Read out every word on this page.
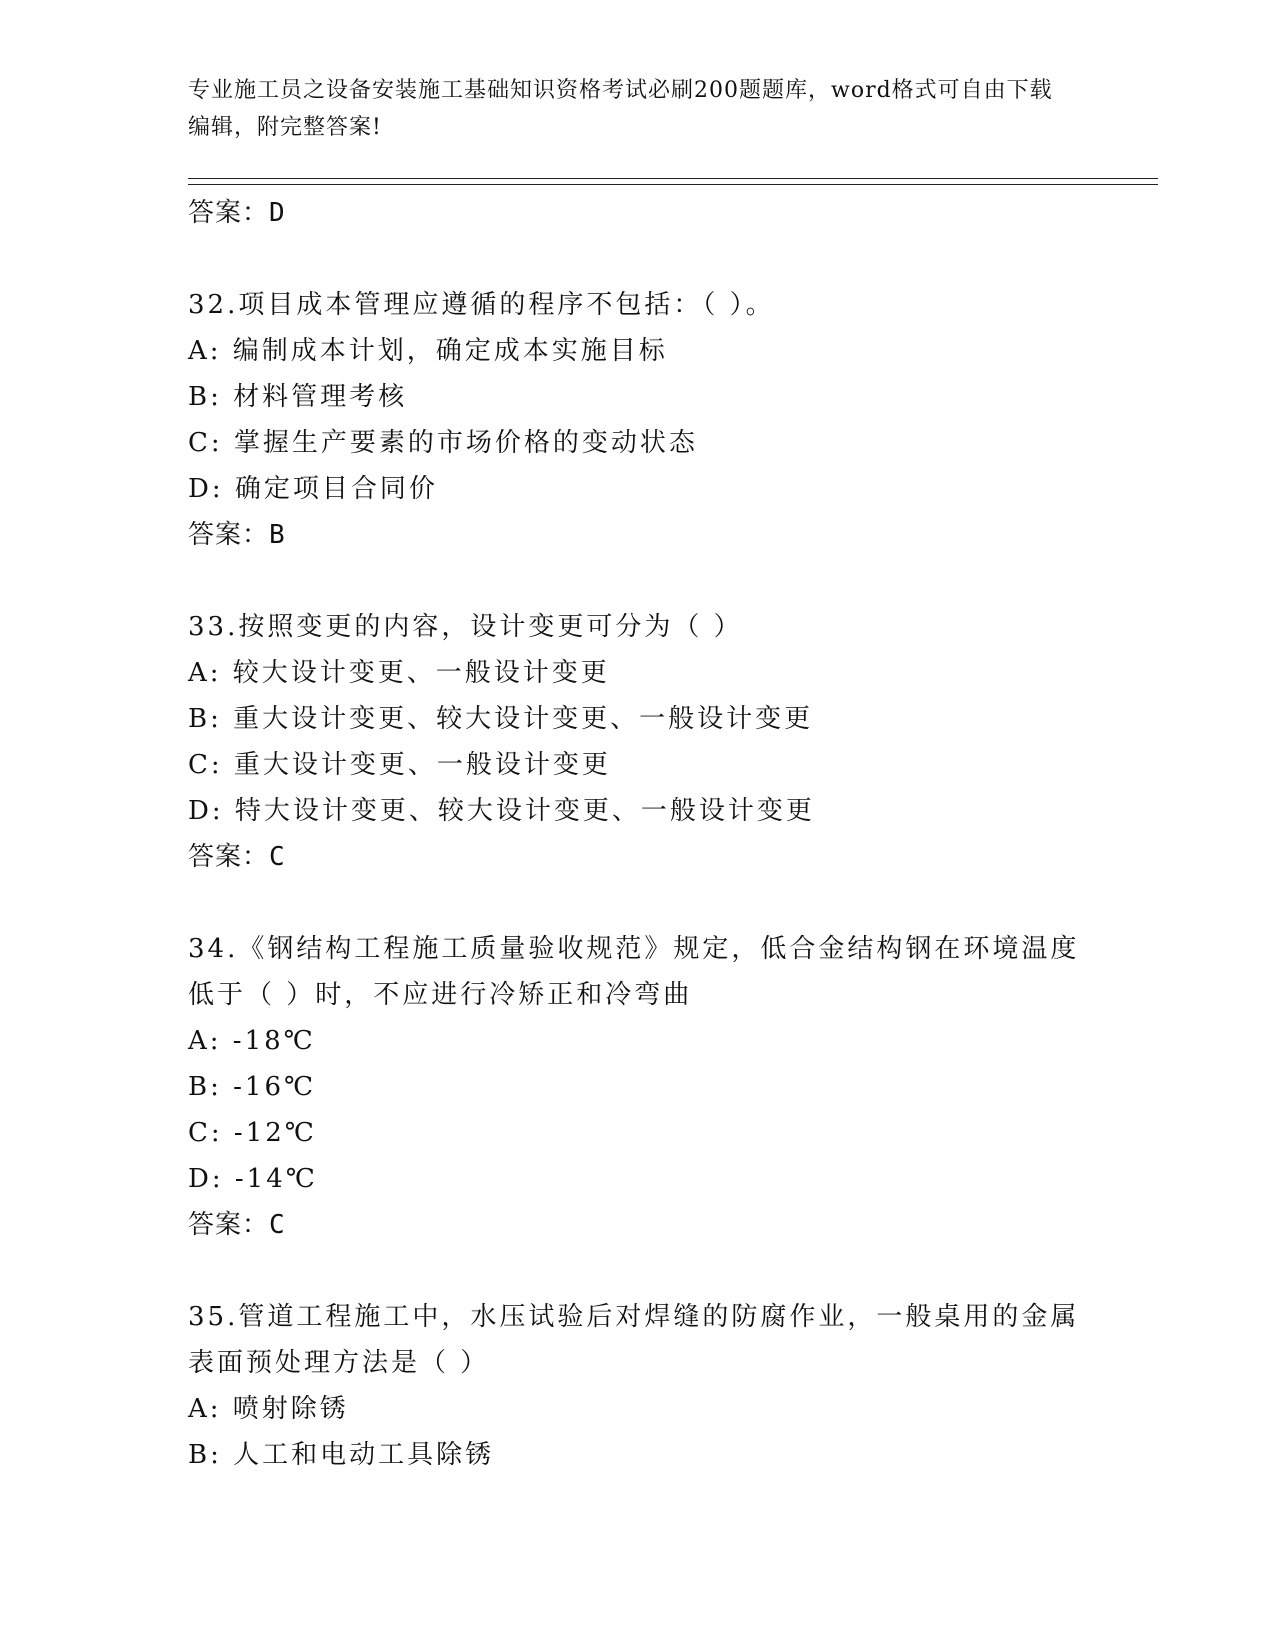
专业施工员之设备安装施工基础知识资格考试必刷200题题库，word格式可自由下载编辑，附完整答案!
答案：D
32.项目成本管理应遵循的程序不包括：（ ）。
A: 编制成本计划，确定成本实施目标
B: 材料管理考核
C: 掌握生产要素的市场价格的变动状态
D: 确定项目合同价
答案：B
33.按照变更的内容，设计变更可分为（ ）
A: 较大设计变更、一般设计变更
B: 重大设计变更、较大设计变更、一般设计变更
C: 重大设计变更、一般设计变更
D: 特大设计变更、较大设计变更、一般设计变更
答案：C
34.《钢结构工程施工质量验收规范》规定，低合金结构钢在环境温度
低于（ ）时，不应进行冷矫正和冷弯曲
A: -18℃
B: -16℃
C: -12℃
D: -14℃
答案：C
35.管道工程施工中，水压试验后对焊缝的防腐作业，一般桌用的金属
表面预处理方法是（ ）
A: 喷射除锈
B: 人工和电动工具除锈
